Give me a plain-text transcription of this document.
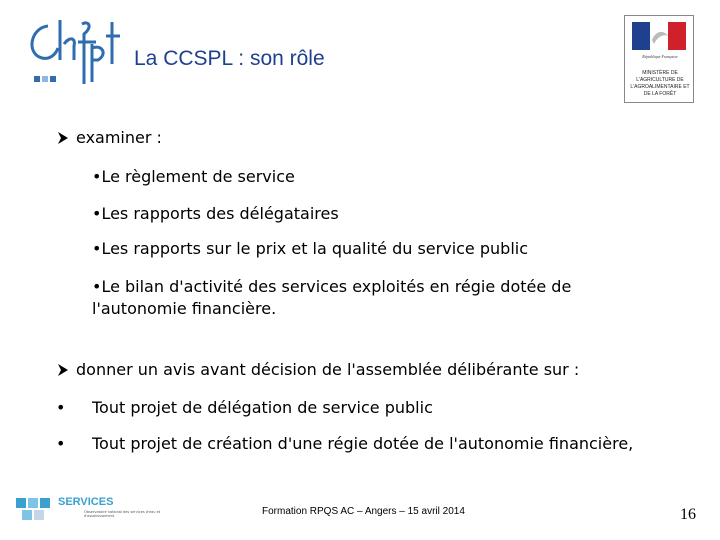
La CCSPL : son rôle	République Française
MINISTÈRE DE L'AGRICULTURE DE L'AGROALIMENTAIRE ET DE LA FORÊT
examiner :
•Le règlement de service
•Les rapports des délégataires
•Les rapports sur le prix et la qualité du service public
•Le bilan d'activité des services exploités en régie dotée de l'autonomie financière.
donner un avis avant décision de l'assemblée délibérante sur :
• Tout projet de délégation de service public
• Tout projet de création d'une régie dotée de l'autonomie financière,
SERVICES
Observatoire national des services d'eau et d'assainissement	Formation RPQS AC – Angers – 15 avril 2014	16
